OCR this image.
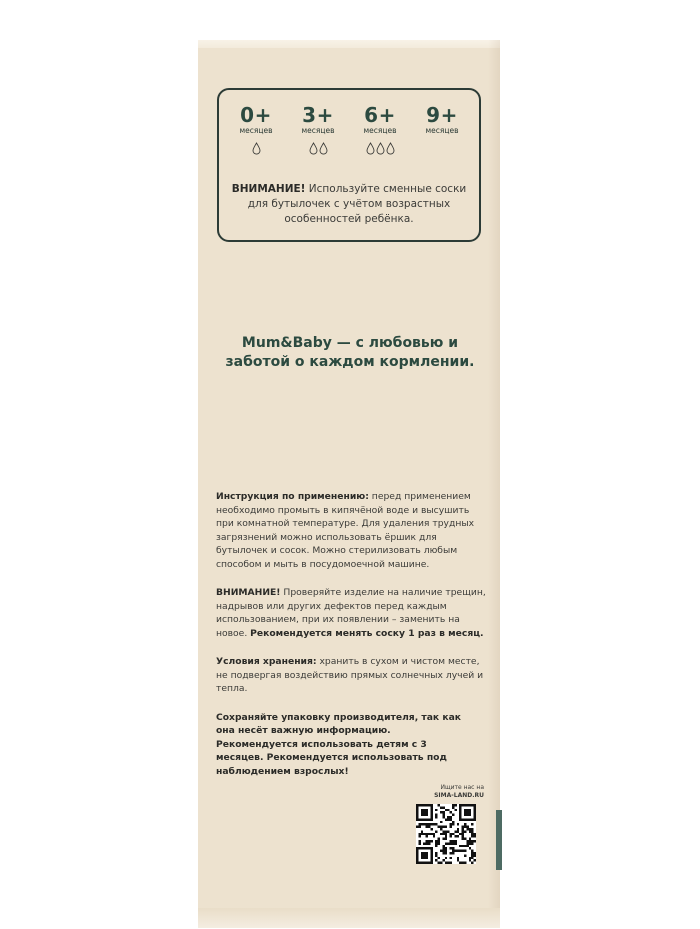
0+
месяцев
3+
месяцев
6+
месяцев
9+
месяцев
ВНИМАНИЕ! Используйте сменные соски для бутылочек с учётом возрастных особенностей ребёнка.
Mum&Baby — с любовью и заботой о каждом кормлении.

Инструкция по применению: перед применением необходимо промыть в кипячёной воде и высушить при комнатной температуре. Для удаления трудных загрязнений можно использовать ёршик для бутылочек и сосок. Можно стерилизовать любым способом и мыть в посудомоечной машине.

ВНИМАНИЕ! Проверяйте изделие на наличие трещин, надрывов или других дефектов перед каждым использованием, при их появлении – заменить на новое. Рекомендуется менять соску 1 раз в месяц.

Условия хранения: хранить в сухом и чистом месте, не подвергая воздействию прямых солнечных лучей и тепла.

Сохраняйте упаковку производителя, так как она несёт важную информацию. Рекомендуется использовать детям с 3 месяцев. Рекомендуется использовать под наблюдением взрослых!

Ищите нас на
SIMA-LAND.RU
